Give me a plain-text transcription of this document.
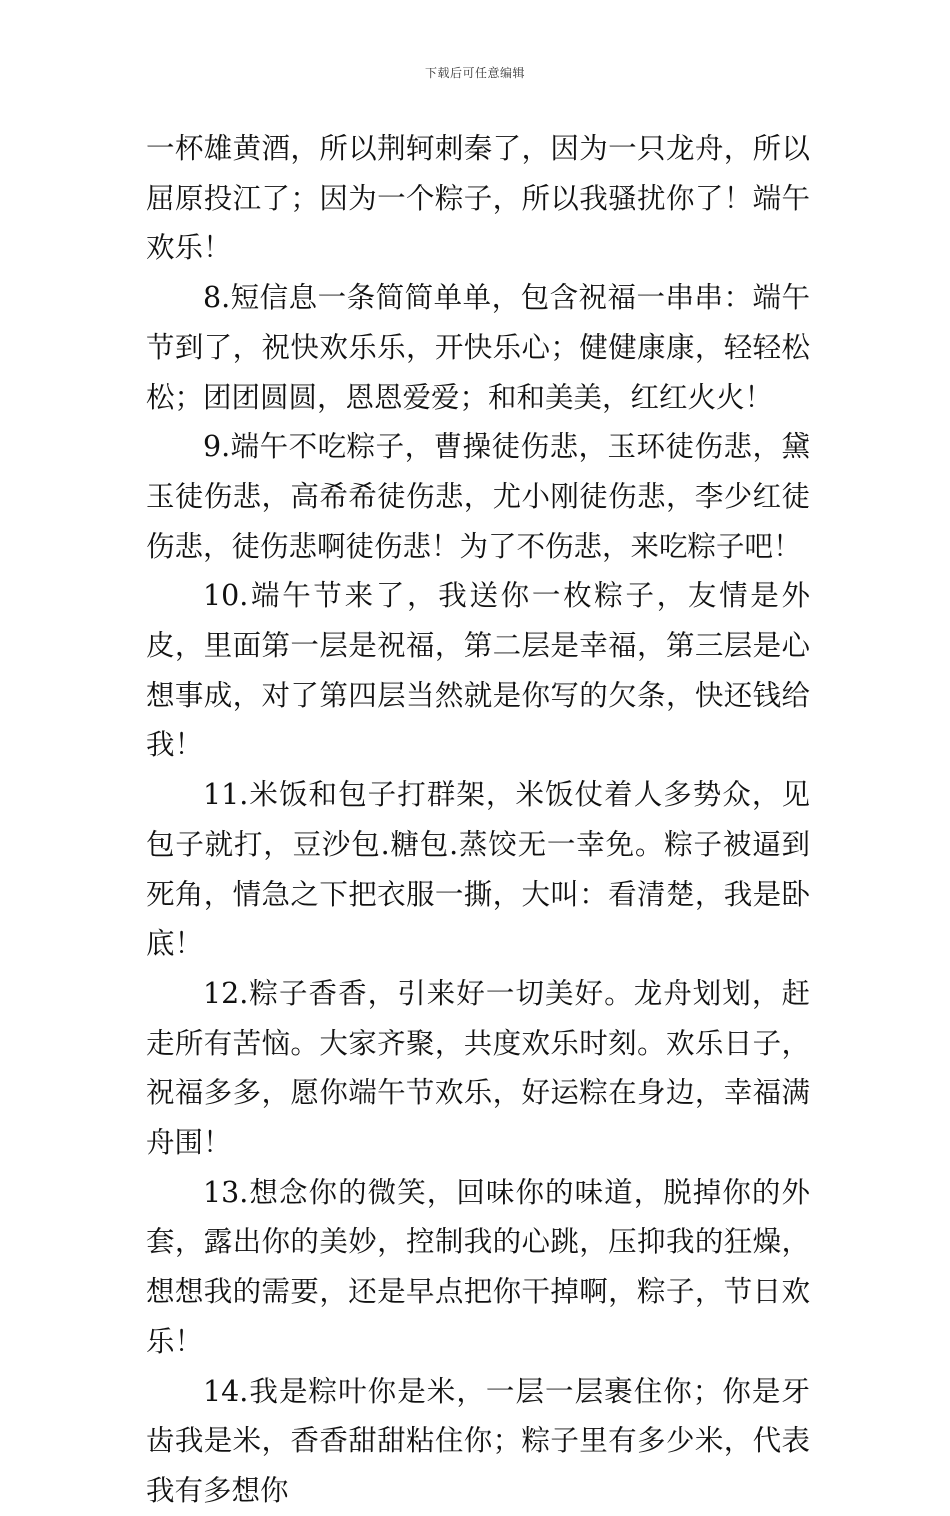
下载后可任意编辑

一杯雄黄酒，所以荆轲刺秦了，因为一只龙舟，所以屈原投江了；因为一个粽子，所以我骚扰你了！端午欢乐！

8.短信息一条简简单单，包含祝福一串串：端午节到了，祝快欢乐乐，开快乐心；健健康康，轻轻松松；团团圆圆，恩恩爱爱；和和美美，红红火火！

9.端午不吃粽子，曹操徒伤悲，玉环徒伤悲，黛玉徒伤悲，高希希徒伤悲，尤小刚徒伤悲，李少红徒伤悲，徒伤悲啊徒伤悲！为了不伤悲，来吃粽子吧！

10.端午节来了，我送你一枚粽子，友情是外皮，里面第一层是祝福，第二层是幸福，第三层是心想事成，对了第四层当然就是你写的欠条，快还钱给我！

11.米饭和包子打群架，米饭仗着人多势众，见包子就打，豆沙包.糖包.蒸饺无一幸免。粽子被逼到死角，情急之下把衣服一撕，大叫：看清楚，我是卧底！

12.粽子香香，引来好一切美好。龙舟划划，赶走所有苦恼。大家齐聚，共度欢乐时刻。欢乐日子，祝福多多，愿你端午节欢乐，好运粽在身边，幸福满舟围！

13.想念你的微笑，回味你的味道，脱掉你的外套，露出你的美妙，控制我的心跳，压抑我的狂燥，想想我的需要，还是早点把你干掉啊，粽子，节日欢乐！

14.我是粽叶你是米，一层一层裹住你；你是牙齿我是米，香香甜甜粘住你；粽子里有多少米，代表我有多想你
